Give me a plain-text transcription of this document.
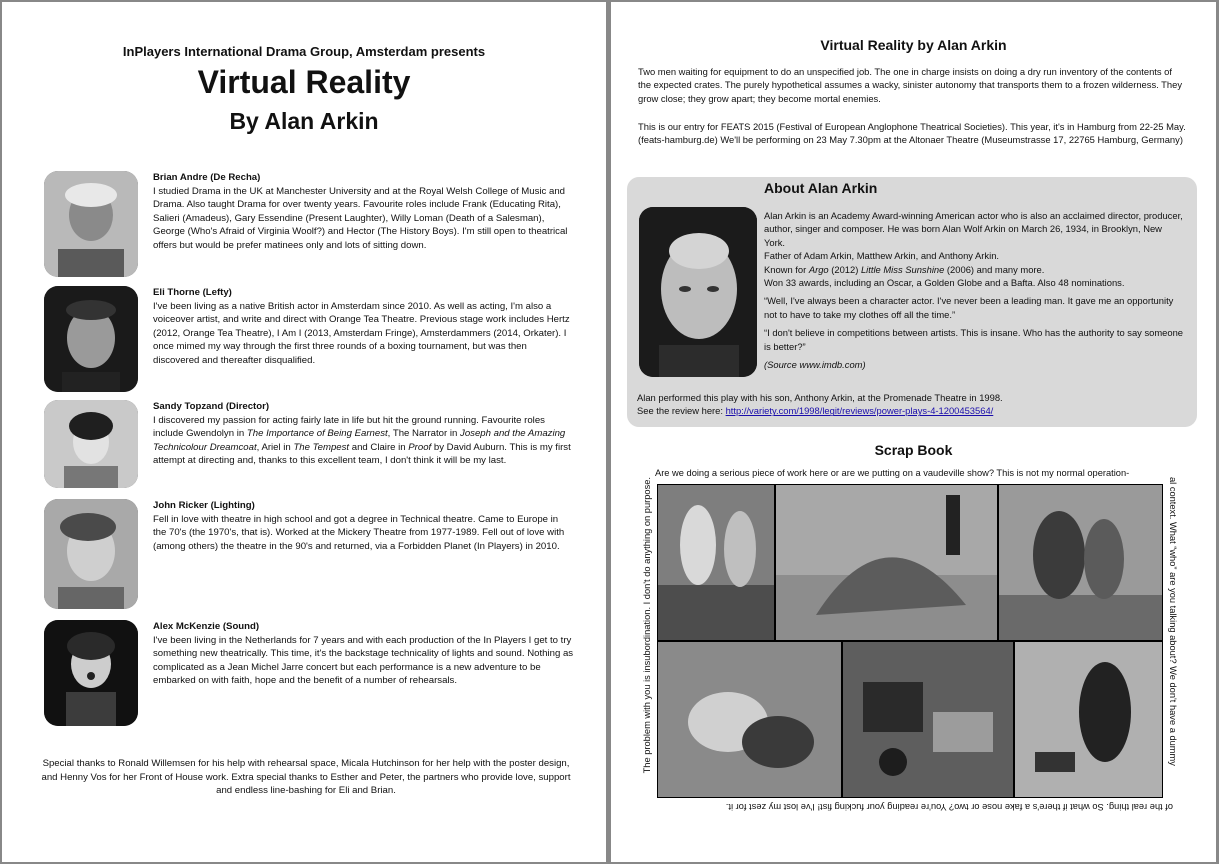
InPlayers International Drama Group, Amsterdam presents
Virtual Reality
By Alan Arkin
Brian Andre (De Recha)
I studied Drama in the UK at Manchester University and at the Royal Welsh College of Music and Drama. Also taught Drama for over twenty years. Favourite roles include Frank (Educating Rita), Salieri (Amadeus), Gary Essendine (Present Laughter), Willy Loman (Death of a Salesman), George (Who's Afraid of Virginia Woolf?) and Hector (The History Boys). I'm still open to theatrical offers but would be prefer matinees only and lots of sitting down.
Eli Thorne (Lefty)
I've been living as a native British actor in Amsterdam since 2010. As well as acting, I'm also a voiceover artist, and write and direct with Orange Tea Theatre. Previous stage work includes Hertz (2012, Orange Tea Theatre), I Am I (2013, Amsterdam Fringe), Amsterdammers (2014, Orkater). I once mimed my way through the first three rounds of a boxing tournament, but was then discovered and thereafter disqualified.
Sandy Topzand (Director)
I discovered my passion for acting fairly late in life but hit the ground running. Favourite roles include Gwendolyn in The Importance of Being Earnest, The Narrator in Joseph and the Amazing Technicolour Dreamcoat, Ariel in The Tempest and Claire in Proof by David Auburn. This is my first attempt at directing and, thanks to this excellent team, I don't think it will be my last.
John Ricker (Lighting)
Fell in love with theatre in high school and got a degree in Technical theatre. Came to Europe in the 70's (the 1970's, that is). Worked at the Mickery Theatre from 1977-1989. Fell out of love with (among others) the theatre in the 90's and returned, via a Forbidden Planet (In Players) in 2010.
Alex McKenzie (Sound)
I've been living in the Netherlands for 7 years and with each production of the In Players I get to try something new theatrically. This time, it's the backstage technicality of lights and sound. Nothing as complicated as a Jean Michel Jarre concert but each performance is a new adventure to be embarked on with faith, hope and the benefit of a number of rehearsals.
Special thanks to Ronald Willemsen for his help with rehearsal space, Micala Hutchinson for her help with the poster design, and Henny Vos for her Front of House work. Extra special thanks to Esther and Peter, the partners who provide love, support and endless line-bashing for Eli and Brian.
Virtual Reality by Alan Arkin
Two men waiting for equipment to do an unspecified job. The one in charge insists on doing a dry run inventory of the contents of the expected crates. The purely hypothetical assumes a wacky, sinister autonomy that transports them to a frozen wilderness. They grow close; they grow apart; they become mortal enemies.
This is our entry for FEATS 2015 (Festival of European Anglophone Theatrical Societies). This year, it's in Hamburg from 22-25 May. (feats-hamburg.de) We'll be performing on 23 May 7.30pm at the Altonaer Theatre (Museumstrasse 17, 22765 Hamburg, Germany)
About Alan Arkin

Alan Arkin is an Academy Award-winning American actor who is also an acclaimed director, producer, author, singer and composer. He was born Alan Wolf Arkin on March 26, 1934, in Brooklyn, New York.

Father of Adam Arkin, Matthew Arkin, and Anthony Arkin.

Known for Argo (2012) Little Miss Sunshine (2006) and many more.

Won 33 awards, including an Oscar, a Golden Globe and a Bafta. Also 48 nominations.

“Well, I've always been a character actor. I've never been a leading man. It gave me an opportunity not to have to take my clothes off all the time.”

“I don't believe in competitions between artists. This is insane. Who has the authority to say someone is better?”

(Source www.imdb.com)

Alan performed this play with his son, Anthony Arkin, at the Promenade Theatre in 1998.
See the review here: http://variety.com/1998/legit/reviews/power-plays-4-1200453564/
Scrap Book
Are we doing a serious piece of work here or are we putting on a vaudeville show? This is not my normal operation-
al context. What “who” are you talking about? We don't have a dummy
of the real thing. So what if there's a fake nose or two? You're reading your fucking fist! I've lost my zest for it.
The problem with you is insubordination. I don't do anything on purpose.
